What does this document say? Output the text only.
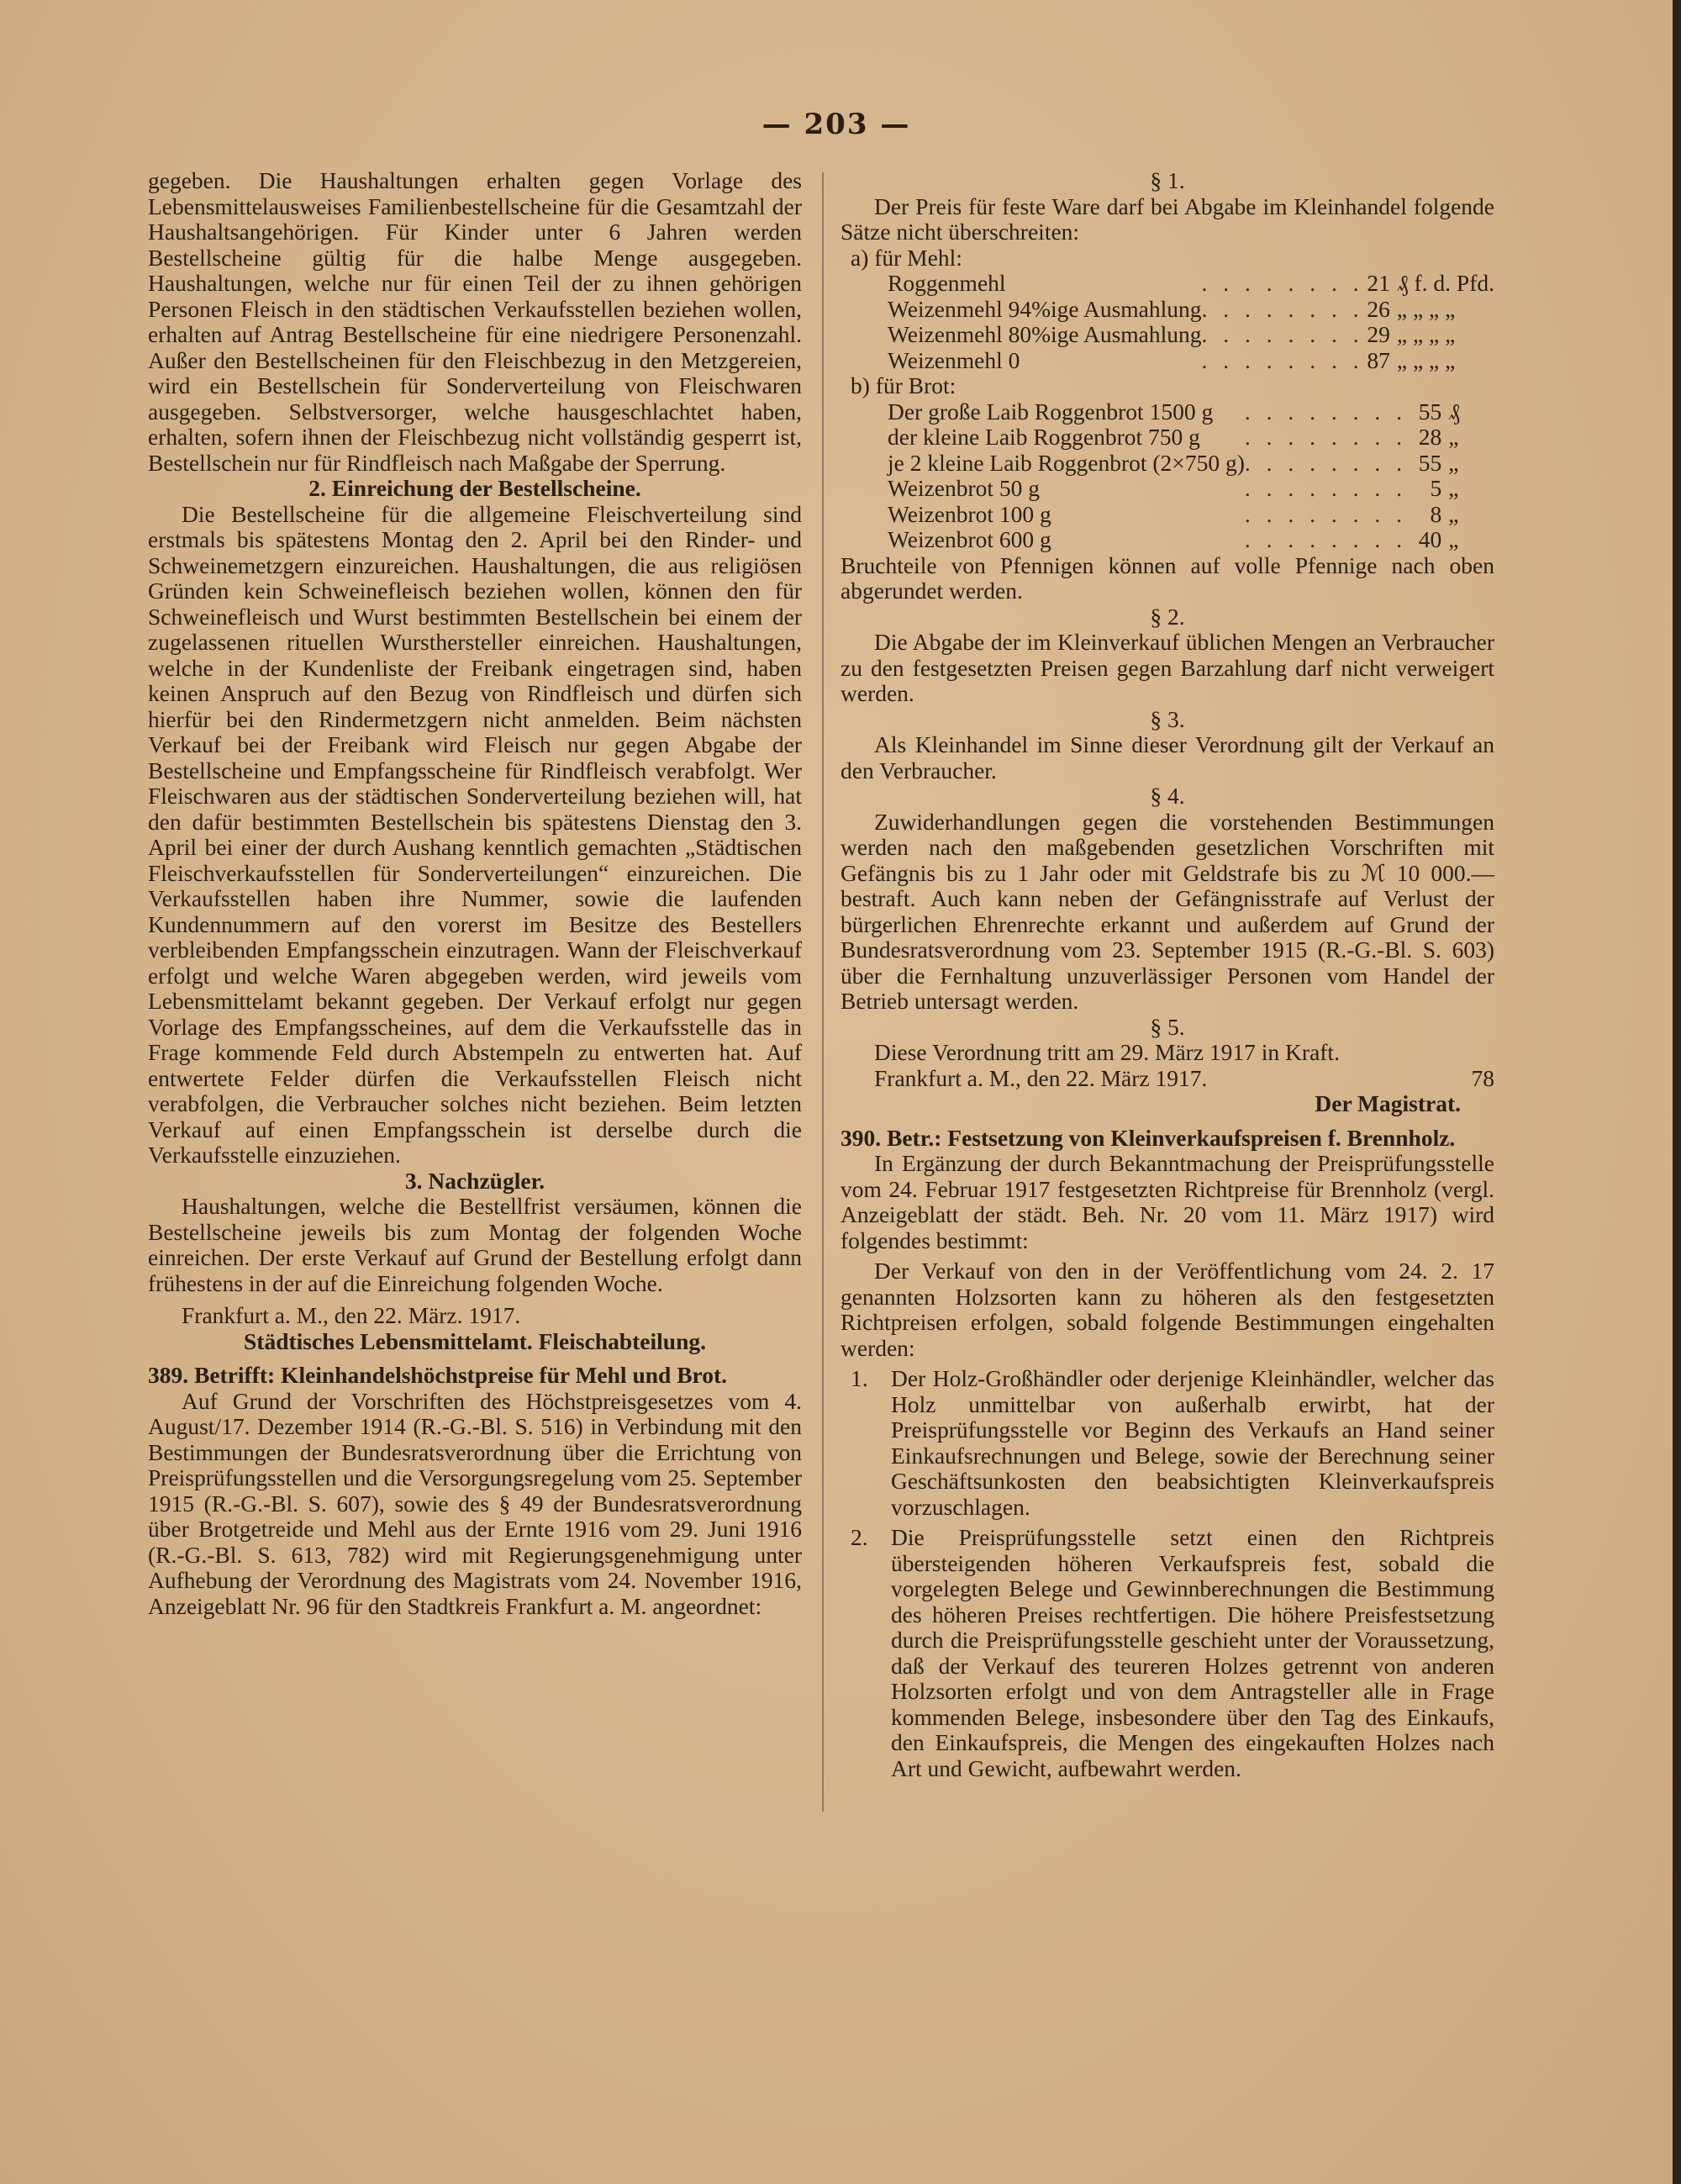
— 203 —

gegeben. Die Haushaltungen erhalten gegen Vorlage des Lebensmittelausweises Familienbestellscheine für die Gesamtzahl der Haushaltsangehörigen. Für Kinder unter 6 Jahren werden Bestellscheine gültig für die halbe Menge ausgegeben. Haushaltungen, welche nur für einen Teil der zu ihnen gehörigen Personen Fleisch in den städtischen Verkaufsstellen beziehen wollen, erhalten auf Antrag Bestellscheine für eine niedrigere Personenzahl. Außer den Bestellscheinen für den Fleischbezug in den Metzgereien, wird ein Bestellschein für Sonderverteilung von Fleischwaren ausgegeben. Selbstversorger, welche hausgeschlachtet haben, erhalten, sofern ihnen der Fleischbezug nicht vollständig gesperrt ist, Bestellschein nur für Rindfleisch nach Maßgabe der Sperrung.

2. Einreichung der Bestellscheine.

Die Bestellscheine für die allgemeine Fleischverteilung sind erstmals bis spätestens Montag den 2. April bei den Rinder- und Schweinemetzgern einzureichen. Haushaltungen, die aus religiösen Gründen kein Schweinefleisch beziehen wollen, können den für Schweinefleisch und Wurst bestimmten Bestellschein bei einem der zugelassenen rituellen Wursthersteller einreichen. Haushaltungen, welche in der Kundenliste der Freibank eingetragen sind, haben keinen Anspruch auf den Bezug von Rindfleisch und dürfen sich hierfür bei den Rindermetzgern nicht anmelden. Beim nächsten Verkauf bei der Freibank wird Fleisch nur gegen Abgabe der Bestellscheine und Empfangsscheine für Rindfleisch verabfolgt. Wer Fleischwaren aus der städtischen Sonderverteilung beziehen will, hat den dafür bestimmten Bestellschein bis spätestens Dienstag den 3. April bei einer der durch Aushang kenntlich gemachten „Städtischen Fleischverkaufsstellen für Sonderverteilungen“ einzureichen. Die Verkaufsstellen haben ihre Nummer, sowie die laufenden Kundennummern auf den vorerst im Besitze des Bestellers verbleibenden Empfangsschein einzutragen. Wann der Fleischverkauf erfolgt und welche Waren abgegeben werden, wird jeweils vom Lebensmittelamt bekannt gegeben. Der Verkauf erfolgt nur gegen Vorlage des Empfangsscheines, auf dem die Verkaufsstelle das in Frage kommende Feld durch Abstempeln zu entwerten hat. Auf entwertete Felder dürfen die Verkaufsstellen Fleisch nicht verabfolgen, die Verbraucher solches nicht beziehen. Beim letzten Verkauf auf einen Empfangsschein ist derselbe durch die Verkaufsstelle einzuziehen.

3. Nachzügler.

Haushaltungen, welche die Bestellfrist versäumen, können die Bestellscheine jeweils bis zum Montag der folgenden Woche einreichen. Der erste Verkauf auf Grund der Bestellung erfolgt dann frühestens in der auf die Einreichung folgenden Woche.

Frankfurt a. M., den 22. März. 1917.

Städtisches Lebensmittelamt. Fleischabteilung.

389. Betrifft: Kleinhandelshöchstpreise für Mehl und Brot.

Auf Grund der Vorschriften des Höchstpreisgesetzes vom 4. August/17. Dezember 1914 (R.-G.-Bl. S. 516) in Verbindung mit den Bestimmungen der Bundesratsverordnung über die Errichtung von Preisprüfungsstellen und die Versorgungsregelung vom 25. September 1915 (R.-G.-Bl. S. 607), sowie des § 49 der Bundesratsverordnung über Brotgetreide und Mehl aus der Ernte 1916 vom 29. Juni 1916 (R.-G.-Bl. S. 613, 782) wird mit Regierungsgenehmigung unter Aufhebung der Verordnung des Magistrats vom 24. November 1916, Anzeigeblatt Nr. 96 für den Stadtkreis Frankfurt a. M. angeordnet:

§ 1.

Der Preis für feste Ware darf bei Abgabe im Kleinhandel folgende Sätze nicht überschreiten:

a) für Mehl:

Roggenmehl	. . . . . . . .	21	₰ f. d. Pfd.
Weizenmehl 94%ige Ausmahlung	. . . . . . . .	26	„ „ „ „
Weizenmehl 80%ige Ausmahlung	. . . . . . . .	29	„ „ „ „
Weizenmehl 0	. . . . . . . .	87	„ „ „ „

b) für Brot:

Der große Laib Roggenbrot 1500 g	. . . . . . . .	55	₰
der kleine Laib Roggenbrot 750 g	. . . . . . . .	28	„
je 2 kleine Laib Roggenbrot (2×750 g)	. . . . . . . .	55	„
Weizenbrot 50 g	. . . . . . . .	5	„
Weizenbrot 100 g	. . . . . . . .	8	„
Weizenbrot 600 g	. . . . . . . .	40	„

Bruchteile von Pfennigen können auf volle Pfennige nach oben abgerundet werden.

§ 2.

Die Abgabe der im Kleinverkauf üblichen Mengen an Verbraucher zu den festgesetzten Preisen gegen Barzahlung darf nicht verweigert werden.

§ 3.

Als Kleinhandel im Sinne dieser Verordnung gilt der Verkauf an den Verbraucher.

§ 4.

Zuwiderhandlungen gegen die vorstehenden Bestimmungen werden nach den maßgebenden gesetzlichen Vorschriften mit Gefängnis bis zu 1 Jahr oder mit Geldstrafe bis zu ℳ 10 000.— bestraft. Auch kann neben der Gefängnisstrafe auf Verlust der bürgerlichen Ehrenrechte erkannt und außerdem auf Grund der Bundesratsverordnung vom 23. September 1915 (R.-G.-Bl. S. 603) über die Fernhaltung unzuverlässiger Personen vom Handel der Betrieb untersagt werden.

§ 5.

Diese Verordnung tritt am 29. März 1917 in Kraft.

Frankfurt a. M., den 22. März 1917.	78

Der Magistrat.

390. Betr.: Festsetzung von Kleinverkaufspreisen f. Brennholz.

In Ergänzung der durch Bekanntmachung der Preisprüfungsstelle vom 24. Februar 1917 festgesetzten Richtpreise für Brennholz (vergl. Anzeigeblatt der städt. Beh. Nr. 20 vom 11. März 1917) wird folgendes bestimmt:

Der Verkauf von den in der Veröffentlichung vom 24. 2. 17 genannten Holzsorten kann zu höheren als den festgesetzten Richtpreisen erfolgen, sobald folgende Bestimmungen eingehalten werden:

1. Der Holz-Großhändler oder derjenige Kleinhändler, welcher das Holz unmittelbar von außerhalb erwirbt, hat der Preisprüfungsstelle vor Beginn des Verkaufs an Hand seiner Einkaufsrechnungen und Belege, sowie der Berechnung seiner Geschäftsunkosten den beabsichtigten Kleinverkaufspreis vorzuschlagen.
2. Die Preisprüfungsstelle setzt einen den Richtpreis übersteigenden höheren Verkaufspreis fest, sobald die vorgelegten Belege und Gewinnberechnungen die Bestimmung des höheren Preises rechtfertigen. Die höhere Preisfestsetzung durch die Preisprüfungsstelle geschieht unter der Voraussetzung, daß der Verkauf des teureren Holzes getrennt von anderen Holzsorten erfolgt und von dem Antragsteller alle in Frage kommenden Belege, insbesondere über den Tag des Einkaufs, den Einkaufspreis, die Mengen des eingekauften Holzes nach Art und Gewicht, aufbewahrt werden.
